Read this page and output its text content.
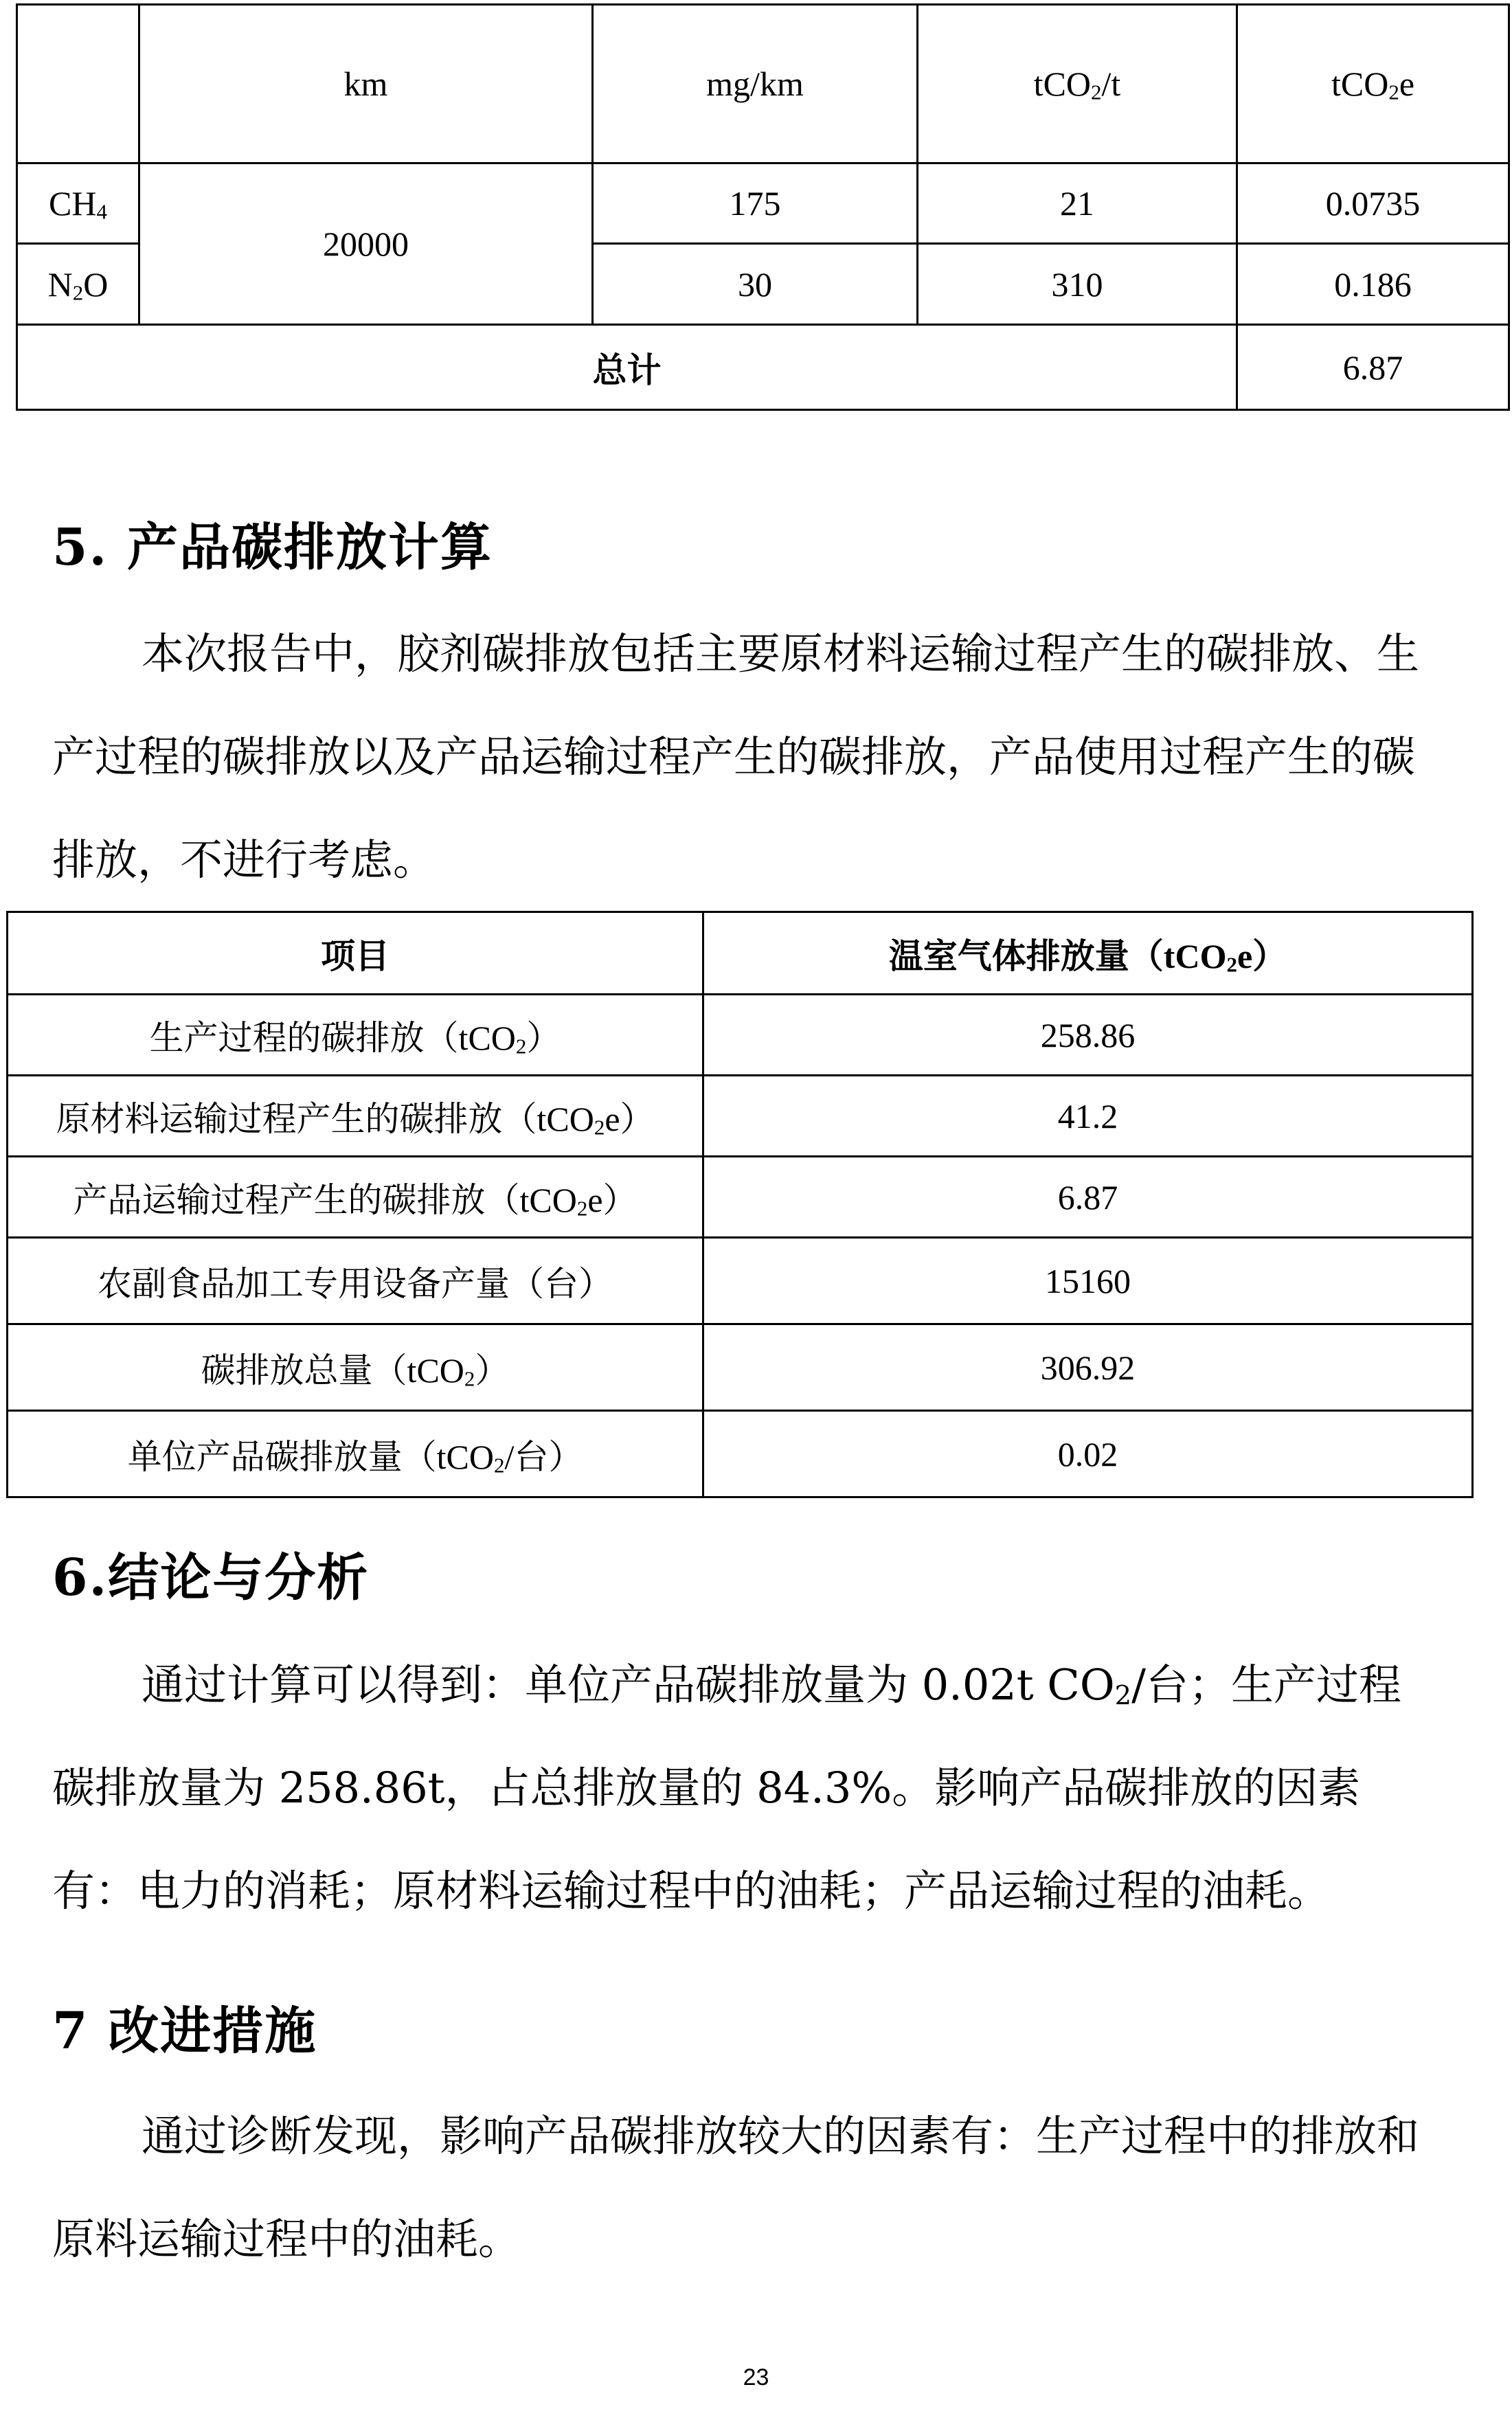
	km	mg/km	tCO$_2$/t	tCO$_2$e
$CH_4$	20000	175	21	0.0735
$N_2O$		30	310	0.186
总计				6.87
5. 产品碳排放计算

本次报告中，胶剂碳排放包括主要原材料运输过程产生的碳排放、生产过程的碳排放以及产品运输过程产生的碳排放，产品使用过程产生的碳排放，不进行考虑。

项目	温室气体排放量（tCO$_2$e）
生产过程的碳排放（tCO$_2$）	258.86
原材料运输过程产生的碳排放（tCO$_2$e）	41.2
产品运输过程产生的碳排放（tCO$_2$e）	6.87
农副食品加工专用设备产量（台）	15160
碳排放总量（tCO$_2$）	306.92
单位产品碳排放量（tCO$_2$/台）	0.02
6.结论与分析

通过计算可以得到：单位产品碳排放量为 0.02t $CO_2/$台；生产过程碳排放量为 258.86t，占总排放量的 84.3%。影响产品碳排放的因素有：电力的消耗；原材料运输过程中的油耗；产品运输过程的油耗。

7 改进措施

通过诊断发现，影响产品碳排放较大的因素有：生产过程中的排放和原料运输过程中的油耗。

23
